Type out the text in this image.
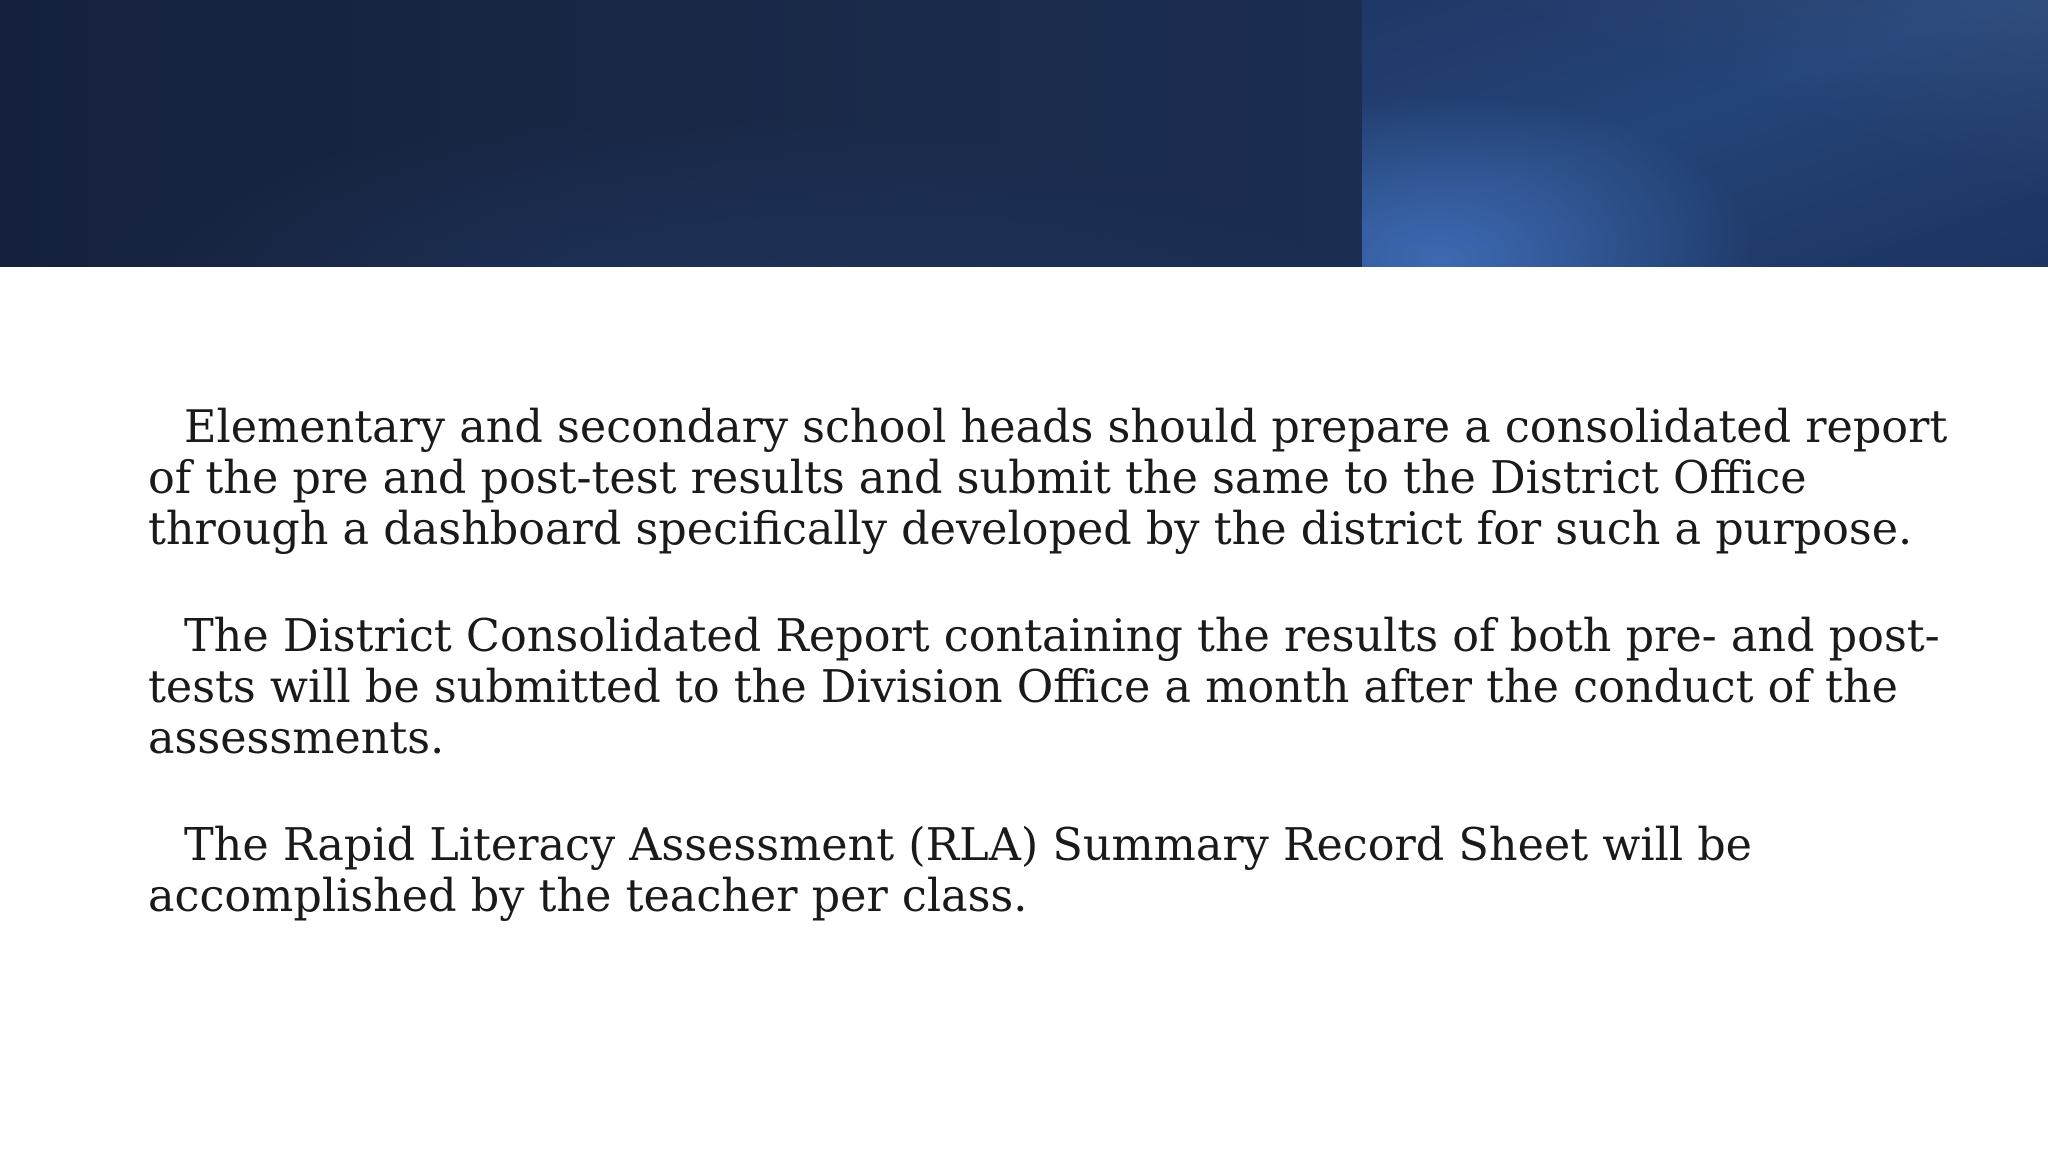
Elementary and secondary school heads should prepare a consolidated report of the pre and post-test results and submit the same to the District Office through a dashboard specifically developed by the district for such a purpose.

The District Consolidated Report containing the results of both pre- and post-tests will be submitted to the Division Office a month after the conduct of the assessments.

The Rapid Literacy Assessment (RLA) Summary Record Sheet will be accomplished by the teacher per class.
